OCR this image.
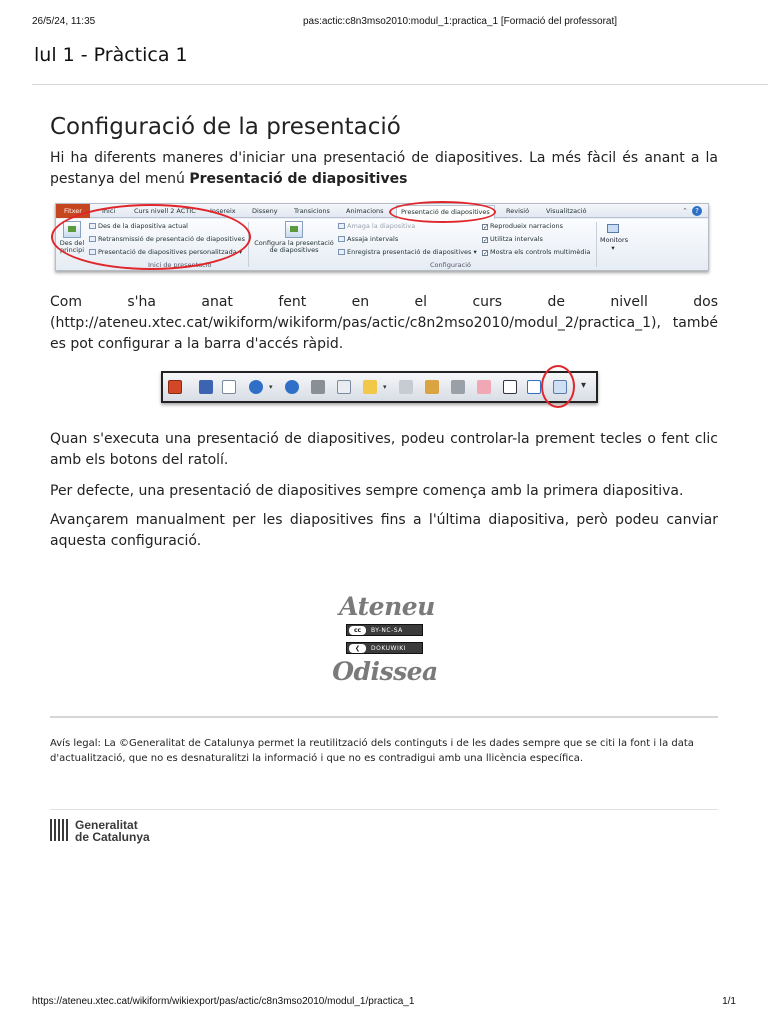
26/5/24, 11:35	pas:actic:c8n3mso2010:modul_1:practica_1 [Formació del professorat]
lul 1 - Pràctica 1
Configuració de la presentació

Hi ha diferents maneres d'iniciar una presentació de diapositives. La més fàcil és anant a la pestanya del menú Presentació de diapositives

Fitxer	Inici	Curs nivell 2 ACTIC Insereix	Disseny	Transicions Animacions	Presentació de diapositives	Revisió	Visualització	⌃	?
Des del principi
Des de la diapositiva actual
Retransmissió de presentació de diapositives
Presentació de diapositives personalitzada ▾
Inici de presentació
Configura la presentació de diapositives
Amaga la diapositiva
Assaja intervals
Enregistra presentació de diapositives ▾
✓ Reprodueix narracions
✓ Utilitza intervals
✓ Mostra els controls multimèdia
Configuració
Monitors
▾

Com s'ha anat fent en el curs de nivell dos (http://ateneu.xtec.cat/wikiform/wikiform/pas/actic/c8n2mso2010/modul_2/practica_1), també es pot configurar a la barra d'accés ràpid.

▾	▾	▾

Quan s'executa una presentació de diapositives, podeu controlar-la prement tecles o fent clic amb els botons del ratolí.

Per defecte, una presentació de diapositives sempre comença amb la primera diapositiva.

Avançarem manualment per les diapositives fins a l'última diapositiva, però podeu canviar aquesta configuració.

Ateneu
cc	BY-NC-SA
❮	DOKUWIKI
Odissea
Avís legal: La ©Generalitat de Catalunya permet la reutilització dels continguts i de les dades sempre que se citi la font i la data d'actualització, que no es desnaturalitzi la informació i que no es contradigui amb una llicència específica.
Generalitat
de Catalunya
https://ateneu.xtec.cat/wikiform/wikiexport/pas/actic/c8n3mso2010/modul_1/practica_1	1/1
